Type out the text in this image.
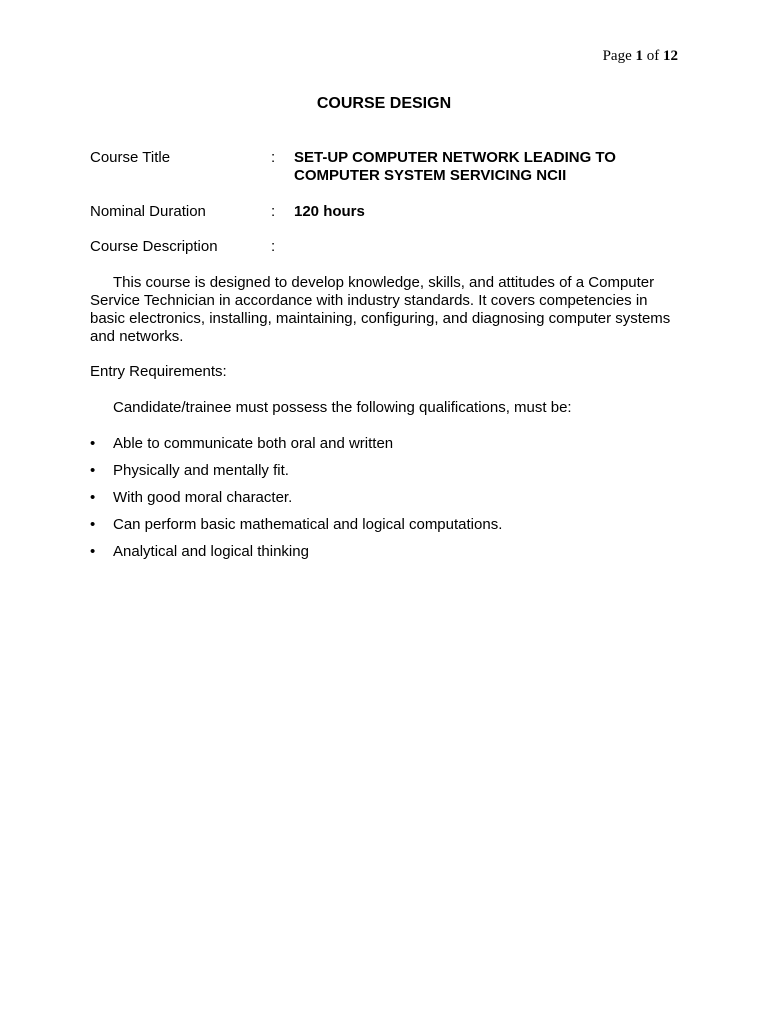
Page 1 of 12
COURSE DESIGN
Course Title	: SET-UP COMPUTER NETWORK LEADING TO
COMPUTER SYSTEM SERVICING NCII
Nominal Duration	: 120 hours
Course Description	:
This course is designed to develop knowledge, skills, and attitudes of a Computer Service Technician in accordance with industry standards. It covers competencies in basic electronics, installing, maintaining, configuring, and diagnosing computer systems and networks.
Entry Requirements:
Candidate/trainee must possess the following qualifications, must be:
• Able to communicate both oral and written
• Physically and mentally fit.
• With good moral character.
• Can perform basic mathematical and logical computations.
• Analytical and logical thinking
